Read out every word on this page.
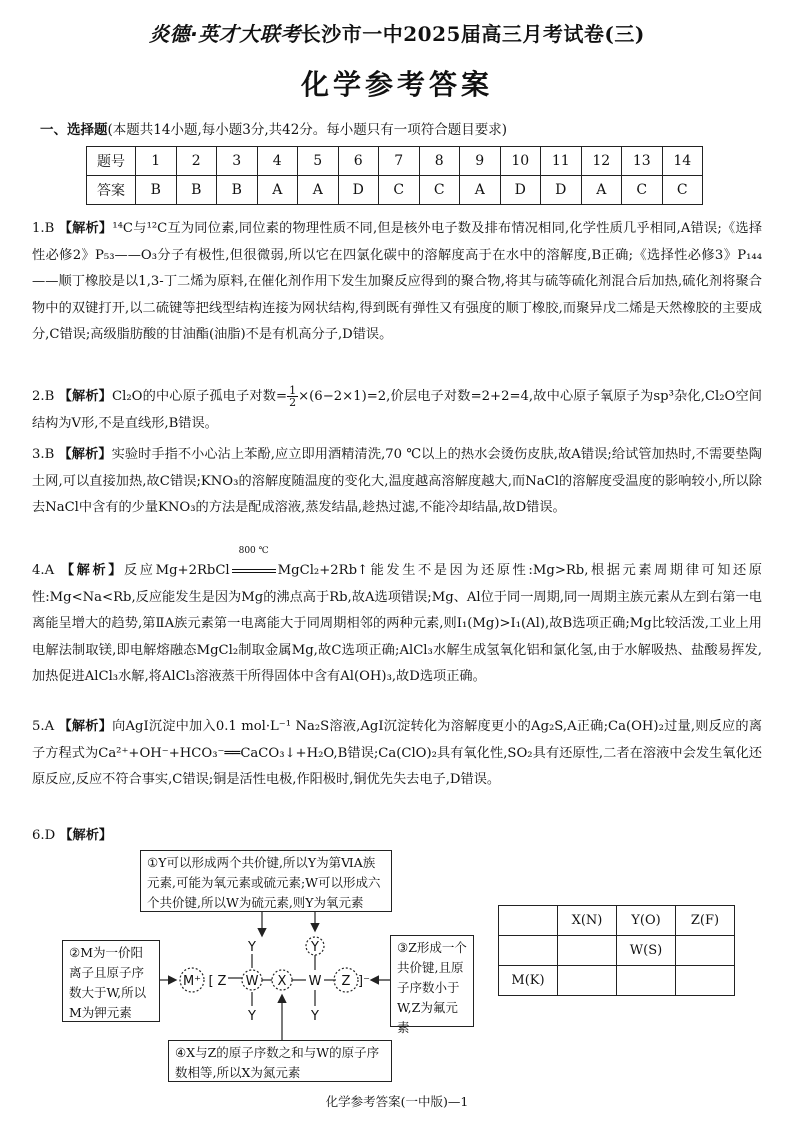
炎德·英才大联考长沙市一中2025届高三月考试卷(三)
化学参考答案
一、选择题(本题共14小题,每小题3分,共42分。每小题只有一项符合题目要求)
题号	1	2	3	4	5	6	7	8	9	10	11	12	13	14
答案	B	B	B	A	A	D	C	C	A	D	D	A	C	C
1.B 【解析】¹⁴C与¹²C互为同位素,同位素的物理性质不同,但是核外电子数及排布情况相同,化学性质几乎相同,A错误;《选择性必修2》P₅₃——O₃分子有极性,但很微弱,所以它在四氯化碳中的溶解度高于在水中的溶解度,B正确;《选择性必修3》P₁₄₄——顺丁橡胶是以1,3-丁二烯为原料,在催化剂作用下发生加聚反应得到的聚合物,将其与硫等硫化剂混合后加热,硫化剂将聚合物中的双键打开,以二硫键等把线型结构连接为网状结构,得到既有弹性又有强度的顺丁橡胶,而聚异戊二烯是天然橡胶的主要成分,C错误;高级脂肪酸的甘油酯(油脂)不是有机高分子,D错误。
2.B 【解析】Cl₂O的中心原子孤电子对数= $\frac{1}{2} \times(6-2\times 1)=2$,价层电子对数=2+2=4,故中心原子氧原子为sp³杂化,Cl₂O空间结构为V形,不是直线形,B错误。
3.B 【解析】实验时手指不小心沾上苯酚,应立即用酒精清洗,70 ℃以上的热水会烫伤皮肤,故A错误;给试管加热时,不需要垫陶土网,可以直接加热,故C错误;KNO₃的溶解度随温度的变化大,温度越高溶解度越大,而NaCl的溶解度受温度的影响较小,所以除去NaCl中含有的少量KNO₃的方法是配成溶液,蒸发结晶,趁热过滤,不能冷却结晶,故D错误。
4.A 【解析】反应Mg+2RbCl
800 ℃
MgCl₂+2Rb↑能发生不是因为还原性:Mg>Rb,根据元素周期律可知还原性:Mg<Na<Rb,反应能发生是因为Mg的沸点高于Rb,故A选项错误;Mg、Al位于同一周期,同一周期主族元素从左到右第一电离能呈增大的趋势,第ⅡA族元素第一电离能大于同周期相邻的两种元素,则I₁(Mg)>I₁(Al),故B选项正确;Mg比较活泼,工业上用电解法制取镁,即电解熔融态MgCl₂制取金属Mg,故C选项正确;AlCl₃水解生成氢氧化铝和氯化氢,由于水解吸热、盐酸易挥发,加热促进AlCl₃水解,将AlCl₃溶液蒸干所得固体中含有Al(OH)₃,故D选项正确。
5.A 【解析】向AgI沉淀中加入0.1 mol·L⁻¹ Na₂S溶液,AgI沉淀转化为溶解度更小的Ag₂S,A正确;Ca(OH)₂过量,则反应的离子方程式为Ca²⁺+OH⁻+HCO₃⁻══CaCO₃↓+H₂O,B错误;Ca(ClO)₂具有氧化性,SO₂具有还原性,二者在溶液中会发生氧化还原反应,反应不符合事实,C错误;铜是活性电极,作阳极时,铜优先失去电子,D错误。
6.D 【解析】
①Y可以形成两个共价键,所以Y为第ⅥA族元素,可能为氧元素或硫元素;W可以形成六个共价键,所以W为硫元素,则Y为氧元素
②M为一价阳离子且原子序数大于W,所以M为钾元素
③Z形成一个共价键,且原子序数小于W,Z为氟元素
④X与Z的原子序数之和与W的原子序数相等,所以X为氮元素
M⁺ [ Z W X W Z ]⁻
Y
Y
Y
Y
	X(N)	Y(O)	Z(F)
		W(S)	
M(K)			
化学参考答案(一中版)—1
